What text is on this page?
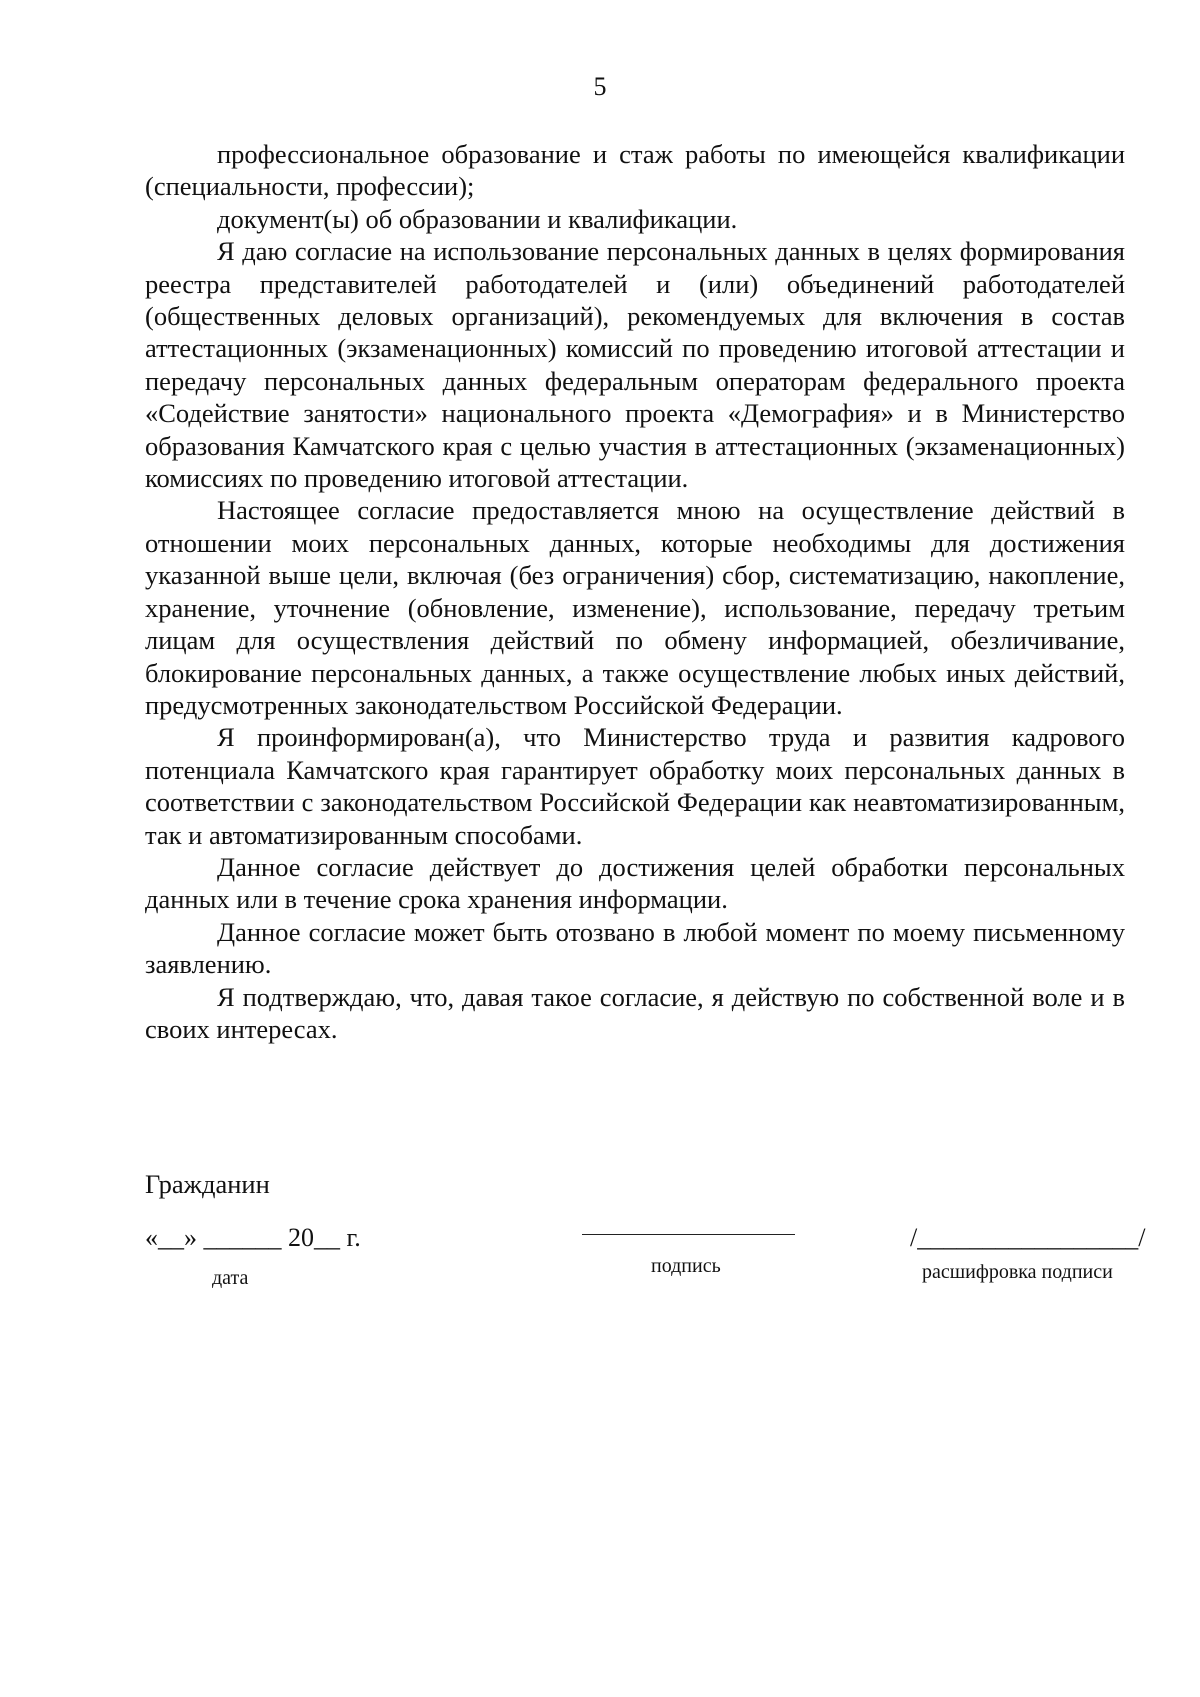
5

профессиональное образование и стаж работы по имеющейся квалификации (специальности, профессии);

документ(ы) об образовании и квалификации.

Я даю согласие на использование персональных данных в целях формирования реестра представителей работодателей и (или) объединений работодателей (общественных деловых организаций), рекомендуемых для включения в состав аттестационных (экзаменационных) комиссий по проведению итоговой аттестации и передачу персональных данных федеральным операторам федерального проекта «Содействие занятости» национального проекта «Демография» и в Министерство образования Камчатского края с целью участия в аттестационных (экзаменационных) комиссиях по проведению итоговой аттестации.

Настоящее согласие предоставляется мною на осуществление действий в отношении моих персональных данных, которые необходимы для достижения указанной выше цели, включая (без ограничения) сбор, систематизацию, накопление, хранение, уточнение (обновление, изменение), использование, передачу третьим лицам для осуществления действий по обмену информацией, обезличивание, блокирование персональных данных, а также осуществление любых иных действий, предусмотренных законодательством Российской Федерации.

Я проинформирован(а), что Министерство труда и развития кадрового потенциала Камчатского края гарантирует обработку моих персональных данных в соответствии с законодательством Российской Федерации как неавтоматизированным, так и автоматизированным способами.

Данное согласие действует до достижения целей обработки персональных данных или в течение срока хранения информации.

Данное согласие может быть отозвано в любой момент по моему письменному заявлению.

Я подтверждаю, что, давая такое согласие, я действую по собственной воле и в своих интересах.

Гражданин
«__» ______ 20__ г.
дата
подпись
/_________________/
расшифровка подписи
